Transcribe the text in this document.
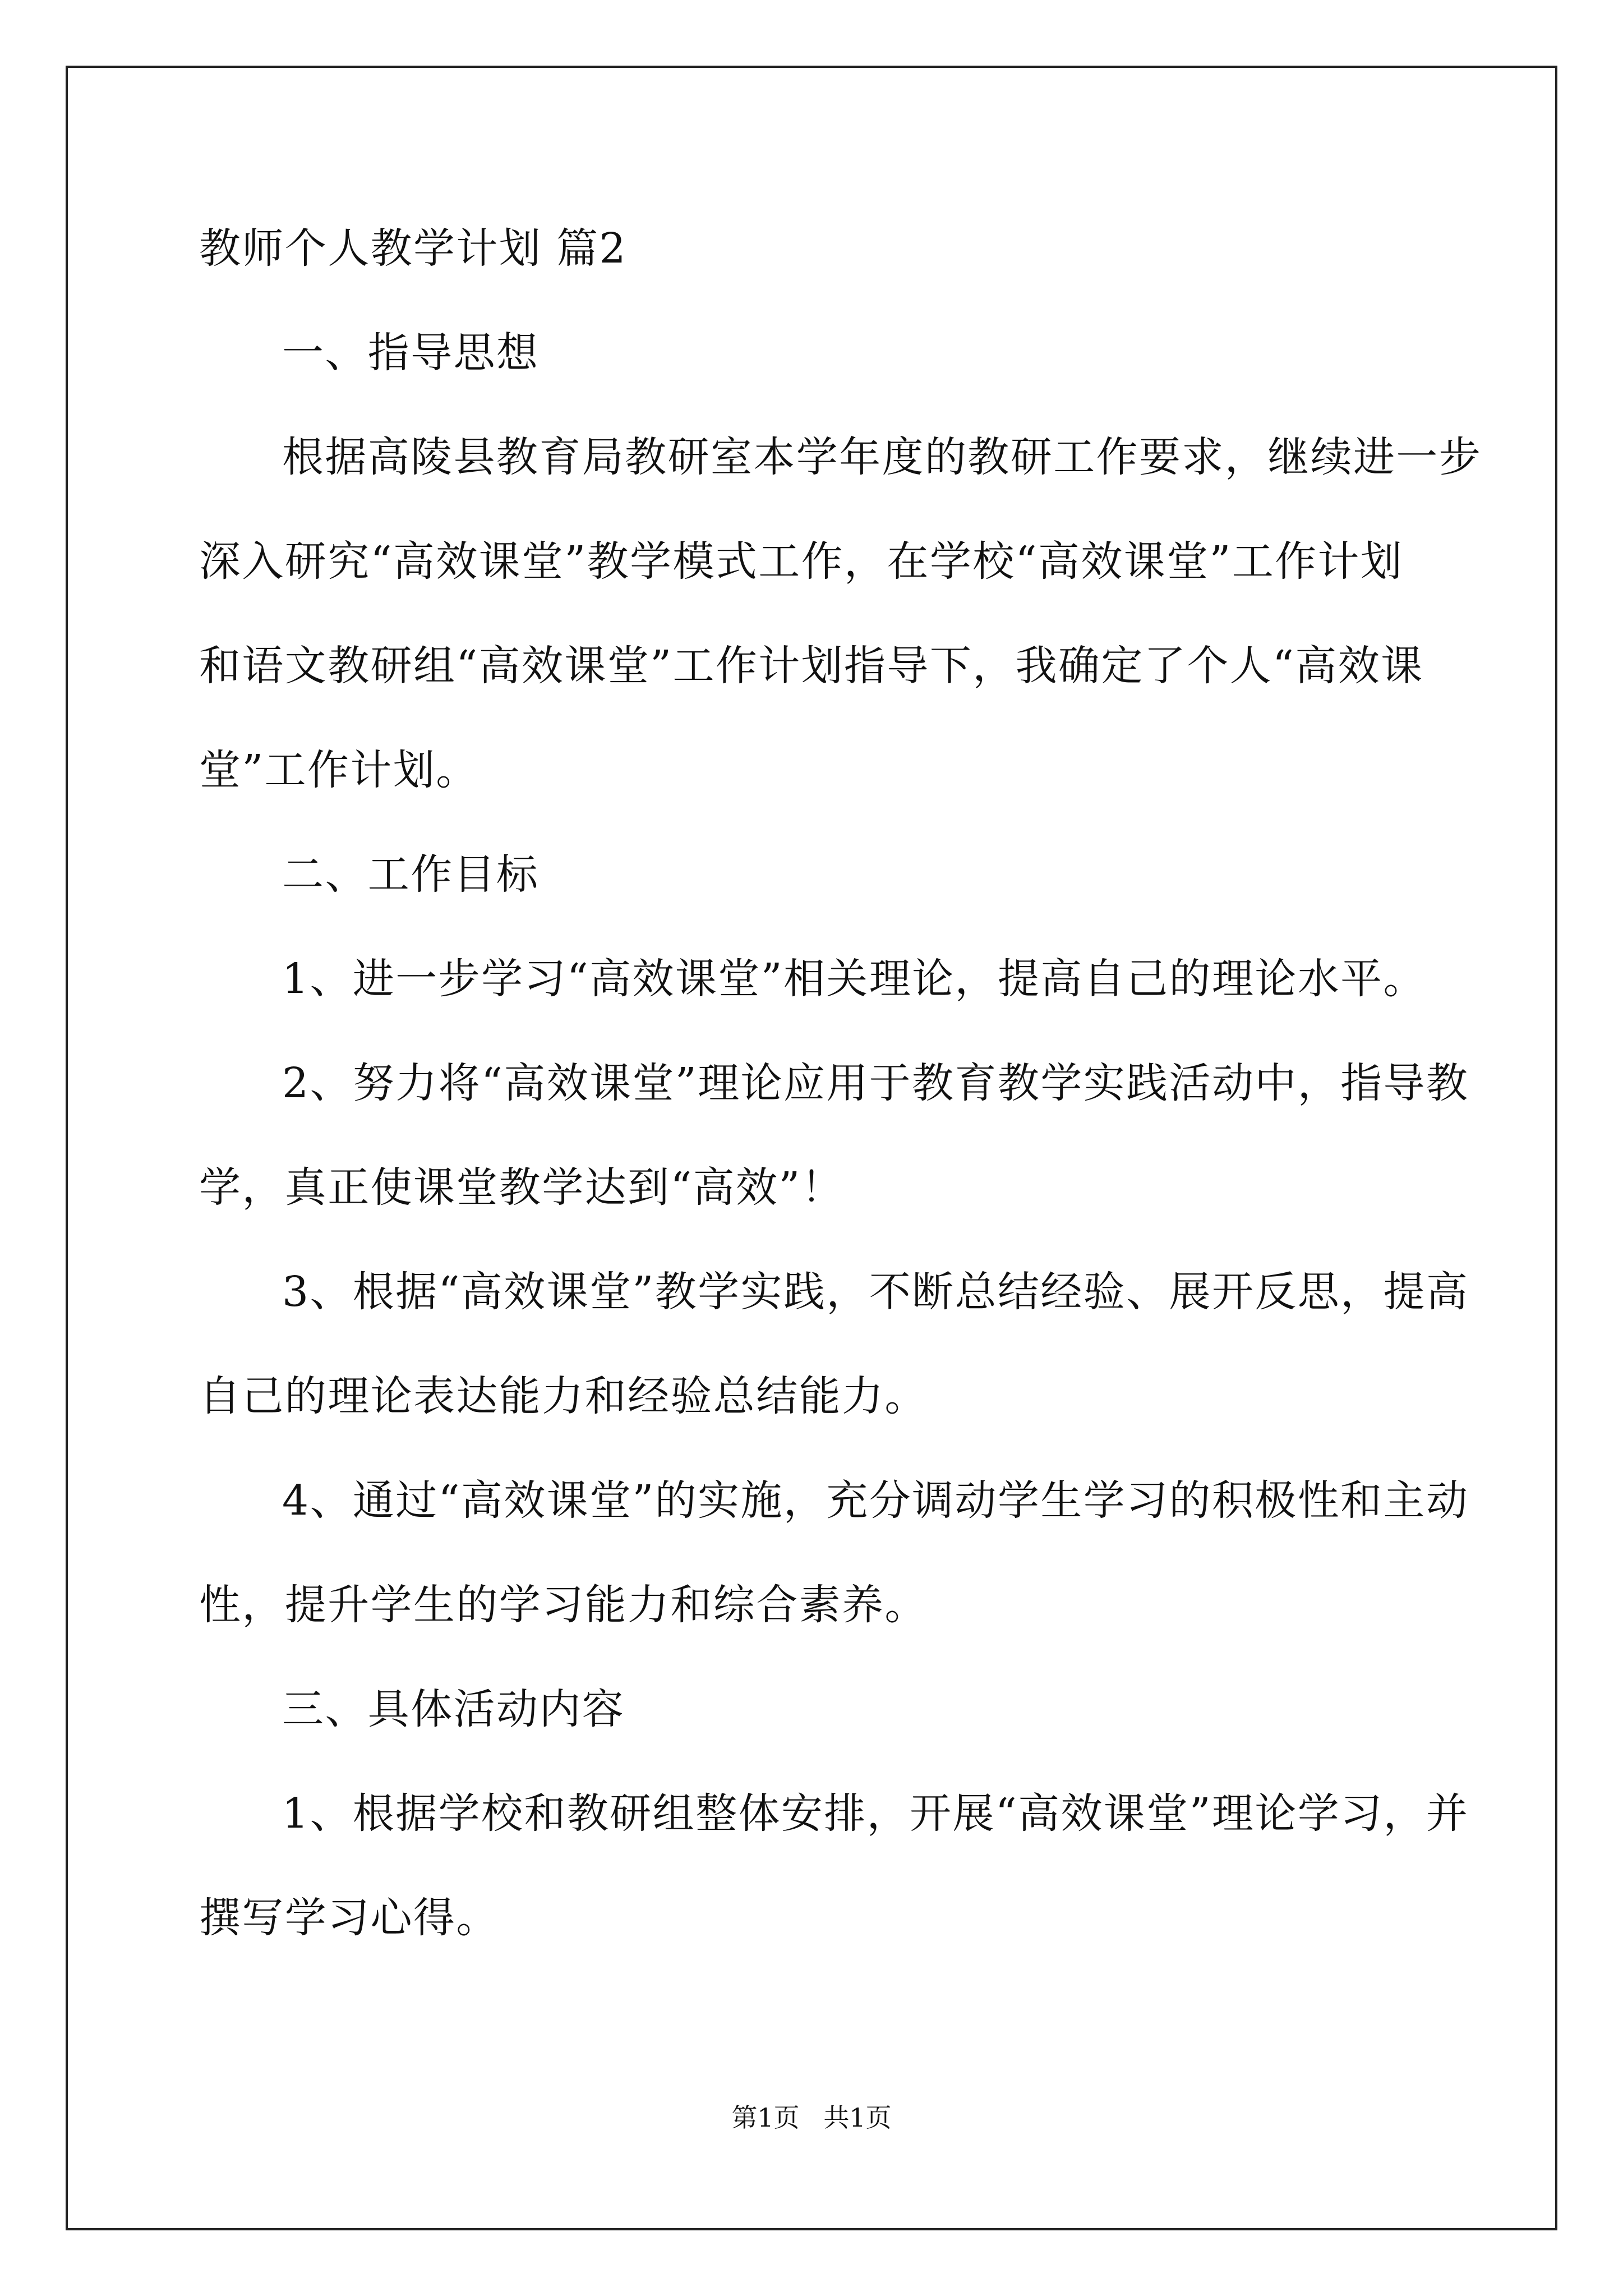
教师个人教学计划 篇2
一、指导思想
根据高陵县教育局教研室本学年度的教研工作要求，继续进一步
深入研究“高效课堂”教学模式工作，在学校“高效课堂”工作计划
和语文教研组“高效课堂”工作计划指导下，我确定了个人“高效课
堂”工作计划。
二、工作目标
1、进一步学习“高效课堂”相关理论，提高自己的理论水平。
2、努力将“高效课堂”理论应用于教育教学实践活动中，指导教
学，真正使课堂教学达到“高效”！
3、根据“高效课堂”教学实践，不断总结经验、展开反思，提高
自己的理论表达能力和经验总结能力。
4、通过“高效课堂”的实施，充分调动学生学习的积极性和主动
性，提升学生的学习能力和综合素养。
三、具体活动内容
1、根据学校和教研组整体安排，开展“高效课堂”理论学习，并
撰写学习心得。
第1页 共1页
